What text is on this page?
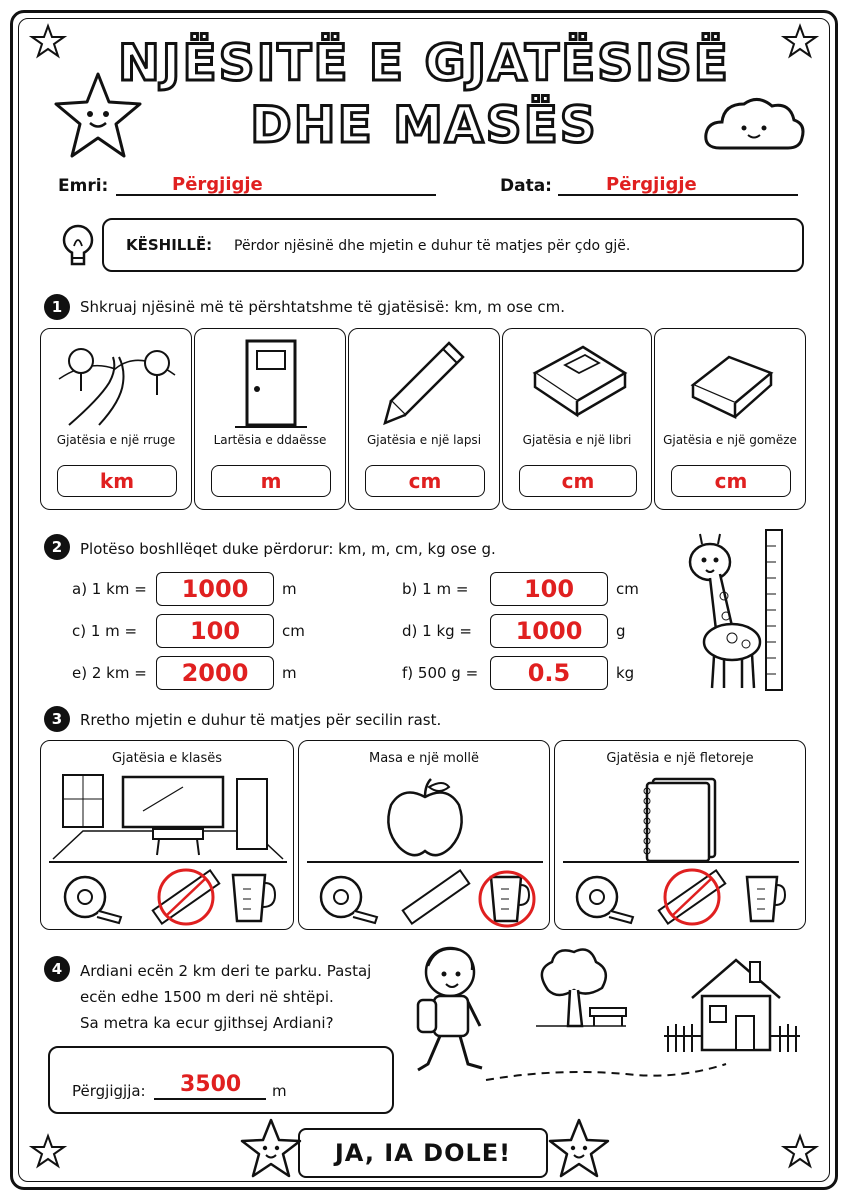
NJËSITË E GJATËSISË
DHE MASËS
Emri:	Përgjigje	Data:	Përgjigje
KËSHILLË: Përdor njësinë dhe mjetin e duhur të matjes për çdo gjë.
1	Shkruaj njësinë më të përshtatshme të gjatësisë: km, m ose cm.
Gjatësia e një rruge
km
Lartësia e ddaësse
m
Gjatësia e një lapsi
cm
Gjatësia e një libri
cm
Gjatësia e një gomëze
cm
2	Plotëso boshllëqet duke përdorur: km, m, cm, kg ose g.
a) 1 km =	1000	m	b) 1 m =	100	cm
c) 1 m =	100	cm	d) 1 kg =	1000	g
e) 2 km =	2000	m	f) 500 g =	0.5	kg
3	Rretho mjetin e duhur të matjes për secilin rast.
Gjatësia e klasës	Masa e një mollë	Gjatësia e një fletoreje
4	Ardiani ecën 2 km deri te parku. Pastaj
ecën edhe 1500 m deri në shtëpi.
Sa metra ka ecur gjithsej Ardiani?
Përgjigjja: 3500 m
JA, IA DOLE!
